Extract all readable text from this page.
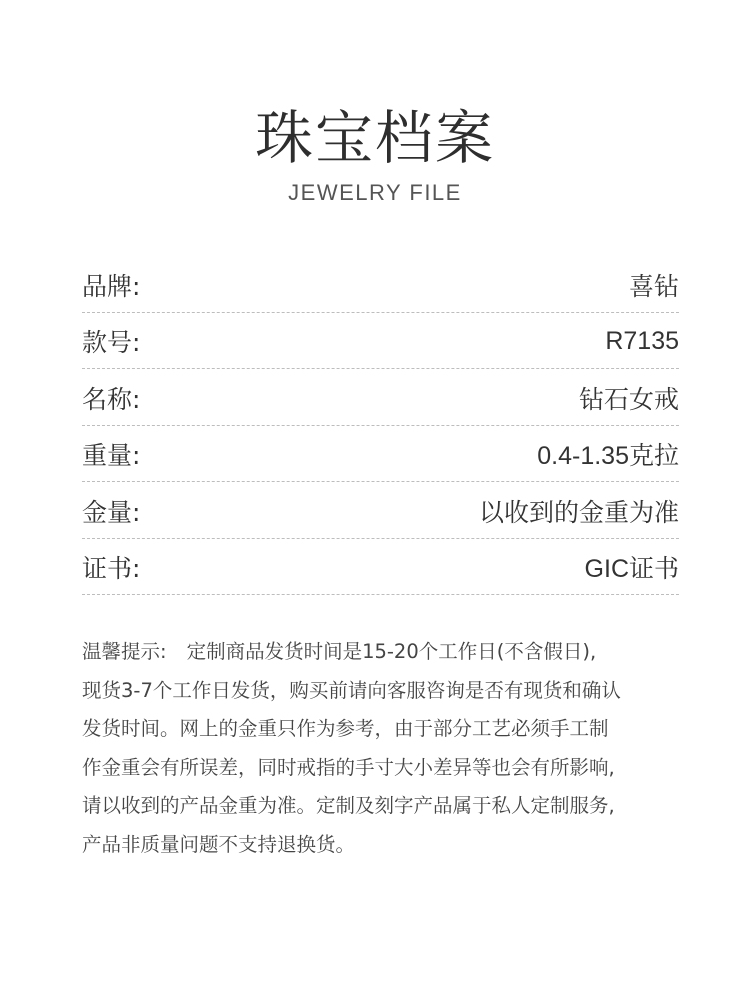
珠宝档案
JEWELRY FILE
品牌:	喜钻
款号:	R7135
名称:	钻石女戒
重量:	0.4-1.35克拉
金量:	以收到的金重为准
证书:	GIC证书
温馨提示: 定制商品发货时间是15-20个工作日(不含假日),
现货3-7个工作日发货，购买前请向客服咨询是否有现货和确认
发货时间。网上的金重只作为参考，由于部分工艺必须手工制
作金重会有所误差，同时戒指的手寸大小差异等也会有所影响,
请以收到的产品金重为准。定制及刻字产品属于私人定制服务,
产品非质量问题不支持退换货。
